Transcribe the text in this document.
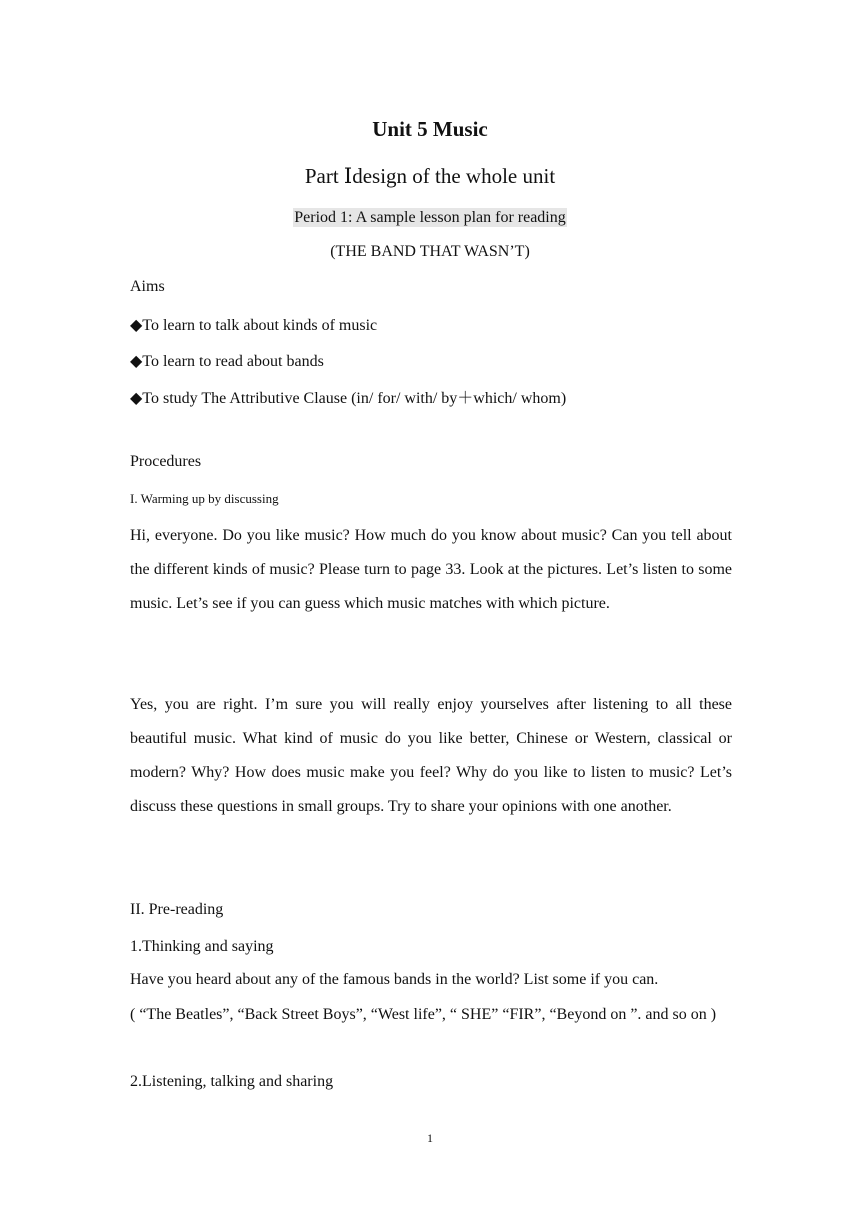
Unit 5 Music
Part Ⅰdesign of the whole unit
Period 1: A sample lesson plan for reading
(THE BAND THAT WASN’T)
Aims
◆To learn to talk about kinds of music
◆To learn to read about bands
◆To study The Attributive Clause (in/ for/ with/ by＋which/ whom)
Procedures
I. Warming up by discussing
Hi, everyone. Do you like music? How much do you know about music? Can you tell about the different kinds of music? Please turn to page 33. Look at the pictures. Let’s listen to some music. Let’s see if you can guess which music matches with which picture.
Yes, you are right. I’m sure you will really enjoy yourselves after listening to all these beautiful music. What kind of music do you like better, Chinese or Western, classical or modern? Why? How does music make you feel? Why do you like to listen to music? Let’s discuss these questions in small groups. Try to share your opinions with one another.
II. Pre-reading
1.Thinking and saying
Have you heard about any of the famous bands in the world? List some if you can.
( “The Beatles”, “Back Street Boys”, “West life”, “ SHE” “FIR”, “Beyond on ”. and so on )
2.Listening, talking and sharing
1
